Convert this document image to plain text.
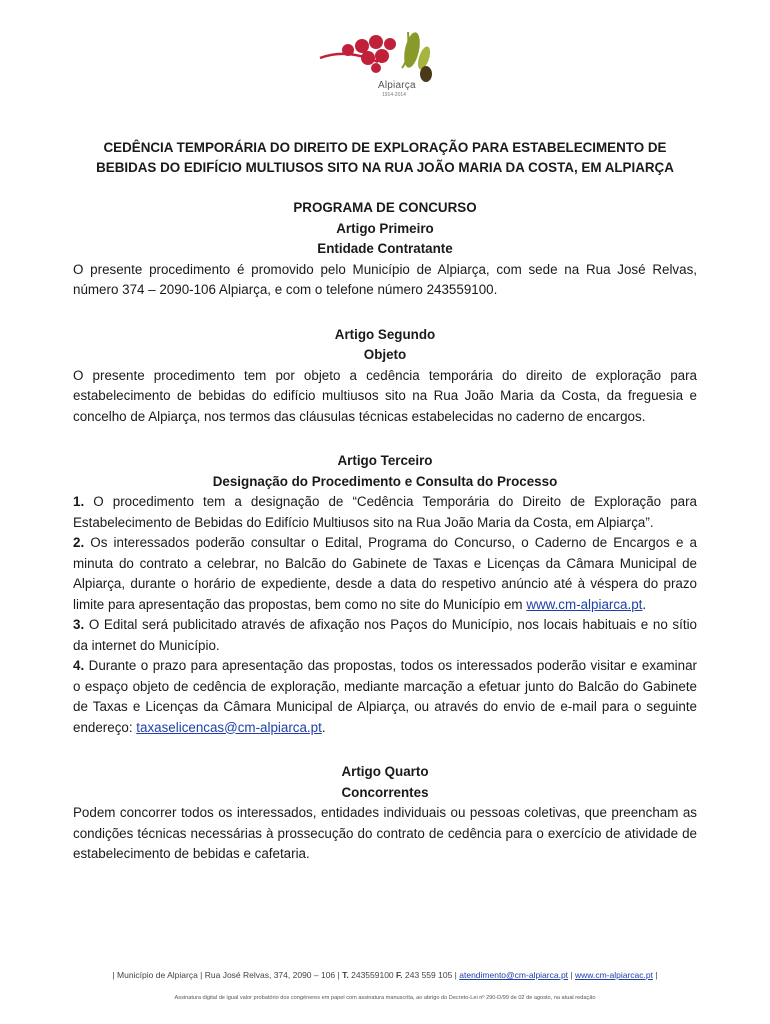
Alpiarça
1914-2014

CEDÊNCIA TEMPORÁRIA DO DIREITO DE EXPLORAÇÃO PARA ESTABELECIMENTO DE BEBIDAS DO EDIFÍCIO MULTIUSOS SITO NA RUA JOÃO MARIA DA COSTA, EM ALPIARÇA

PROGRAMA DE CONCURSO

Artigo Primeiro

Entidade Contratante

O presente procedimento é promovido pelo Município de Alpiarça, com sede na Rua José Relvas, número 374 – 2090-106 Alpiarça, e com o telefone número 243559100.

Artigo Segundo

Objeto

O presente procedimento tem por objeto a cedência temporária do direito de exploração para estabelecimento de bebidas do edifício multiusos sito na Rua João Maria da Costa, da freguesia e concelho de Alpiarça, nos termos das cláusulas técnicas estabelecidas no caderno de encargos.

Artigo Terceiro

Designação do Procedimento e Consulta do Processo

1. O procedimento tem a designação de “Cedência Temporária do Direito de Exploração para Estabelecimento de Bebidas do Edifício Multiusos sito na Rua João Maria da Costa, em Alpiarça”.

2. Os interessados poderão consultar o Edital, Programa do Concurso, o Caderno de Encargos e a minuta do contrato a celebrar, no Balcão do Gabinete de Taxas e Licenças da Câmara Municipal de Alpiarça, durante o horário de expediente, desde a data do respetivo anúncio até à véspera do prazo limite para apresentação das propostas, bem como no site do Município em www.cm-alpiarca.pt.

3. O Edital será publicitado através de afixação nos Paços do Município, nos locais habituais e no sítio da internet do Município.

4. Durante o prazo para apresentação das propostas, todos os interessados poderão visitar e examinar o espaço objeto de cedência de exploração, mediante marcação a efetuar junto do Balcão do Gabinete de Taxas e Licenças da Câmara Municipal de Alpiarça, ou através do envio de e-mail para o seguinte endereço: taxaselicencas@cm-alpiarca.pt.

Artigo Quarto

Concorrentes

Podem concorrer todos os interessados, entidades individuais ou pessoas coletivas, que preencham as condições técnicas necessárias à prossecução do contrato de cedência para o exercício de atividade de estabelecimento de bebidas e cafetaria.

| Município de Alpiarça | Rua José Relvas, 374, 2090 – 106 | T. 243559100 F. 243 559 105 | atendimento@cm-alpiarca.pt | www.cm-alpiarcac.pt |
Assinatura digital de igual valor probatório dos congéneres em papel com assinatura manuscrita, ao abrigo do Decreto-Lei nº 290-D/99 de 02 de agosto, na atual redação
